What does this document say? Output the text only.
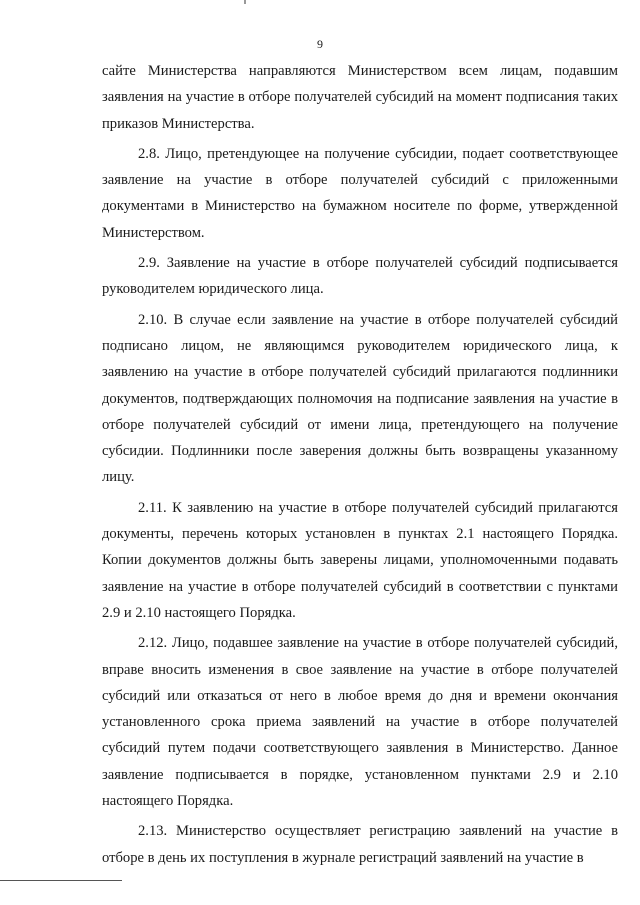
9

сайте Министерства направляются Министерством всем лицам, подавшим заявления на участие в отборе получателей субсидий на момент подписания таких приказов Министерства.

2.8. Лицо, претендующее на получение субсидии, подает соответствующее заявление на участие в отборе получателей субсидий с приложенными документами в Министерство на бумажном носителе по форме, утвержденной Министерством.

2.9. Заявление на участие в отборе получателей субсидий подписывается руководителем юридического лица.

2.10. В случае если заявление на участие в отборе получателей субсидий подписано лицом, не являющимся руководителем юридического лица, к заявлению на участие в отборе получателей субсидий прилагаются подлинники документов, подтверждающих полномочия на подписание заявления на участие в отборе получателей субсидий от имени лица, претендующего на получение субсидии. Подлинники после заверения должны быть возвращены указанному лицу.

2.11. К заявлению на участие в отборе получателей субсидий прилагаются документы, перечень которых установлен в пунктах 2.1 настоящего Порядка. Копии документов должны быть заверены лицами, уполномоченными подавать заявление на участие в отборе получателей субсидий в соответствии с пунктами 2.9 и 2.10 настоящего Порядка.

2.12. Лицо, подавшее заявление на участие в отборе получателей субсидий, вправе вносить изменения в свое заявление на участие в отборе получателей субсидий или отказаться от него в любое время до дня и времени окончания установленного срока приема заявлений на участие в отборе получателей субсидий путем подачи соответствующего заявления в Министерство. Данное заявление подписывается в порядке, установленном пунктами 2.9 и 2.10 настоящего Порядка.

2.13. Министерство осуществляет регистрацию заявлений на участие в отборе в день их поступления в журнале регистраций заявлений на участие в
